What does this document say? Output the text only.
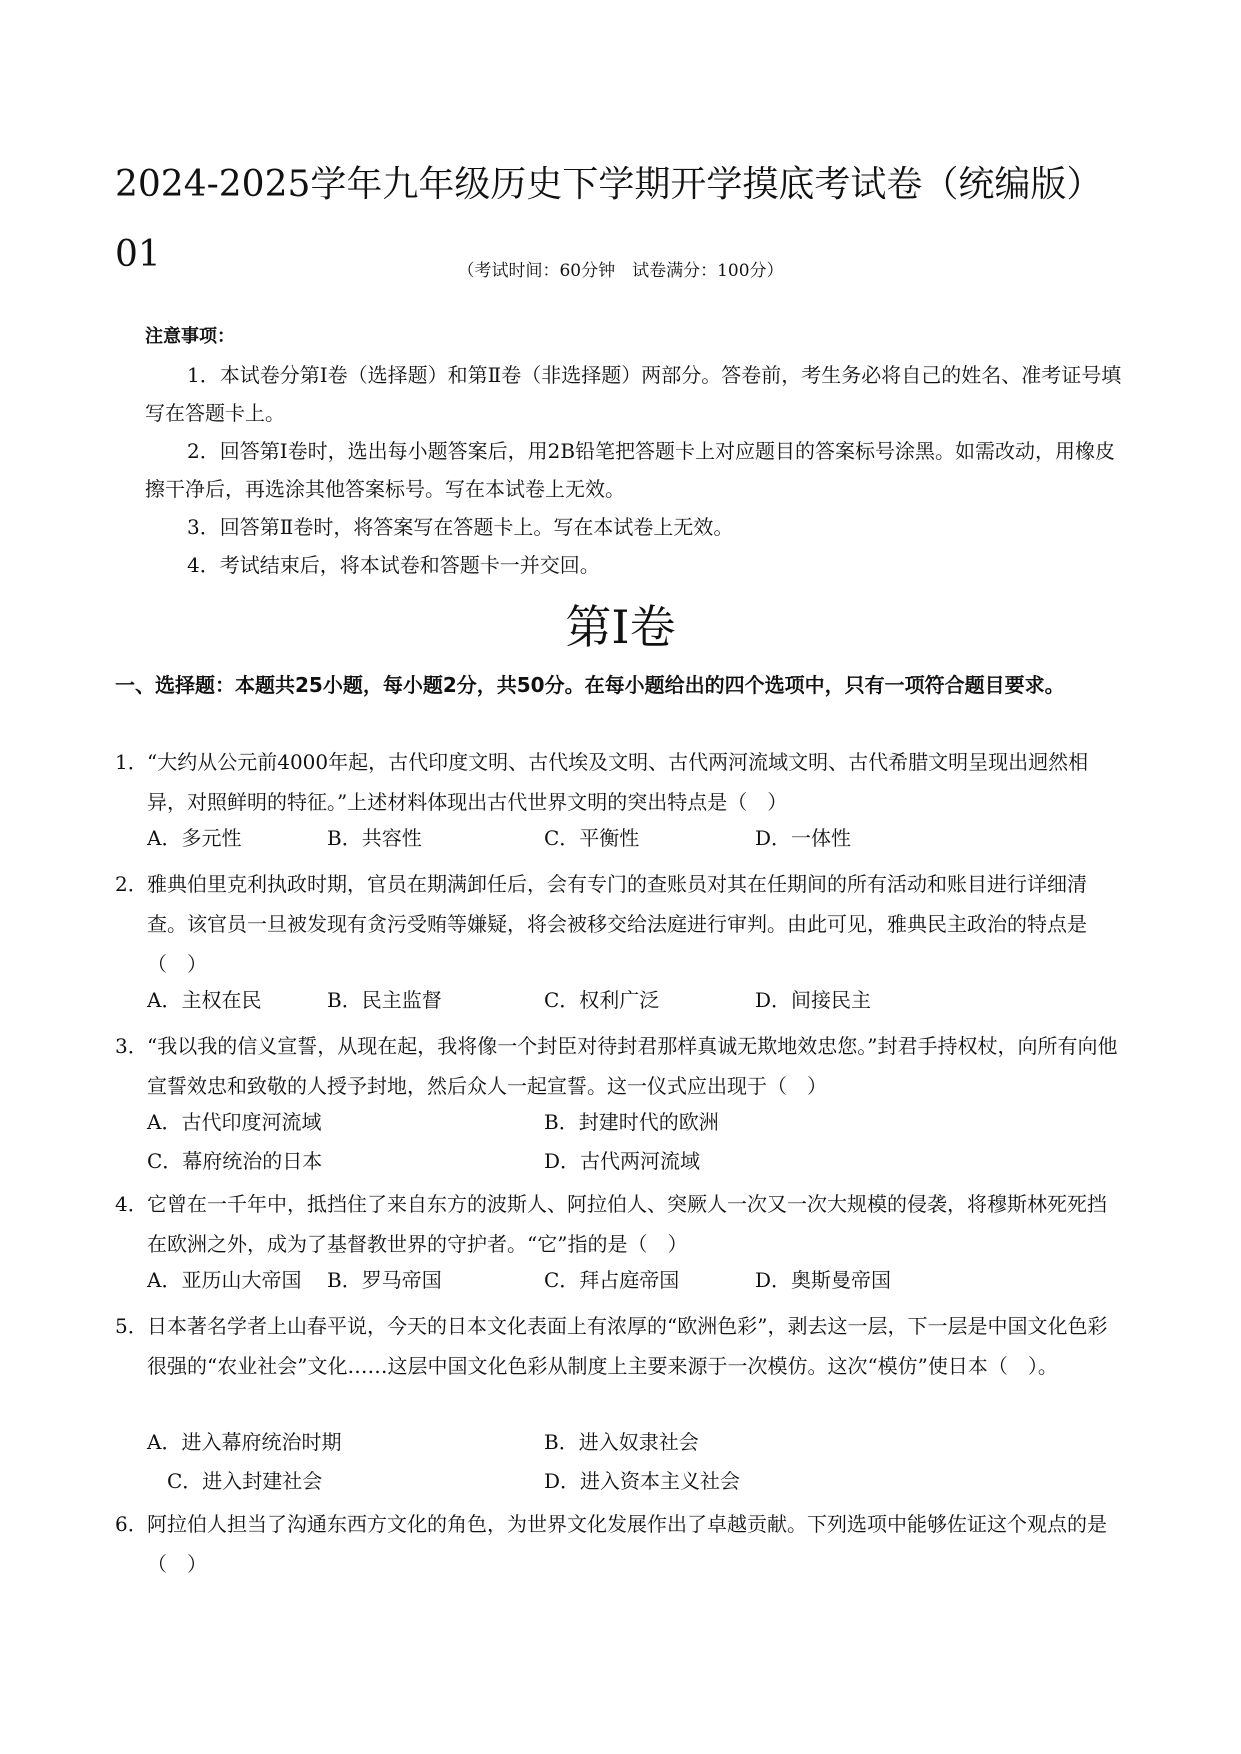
2024-2025学年九年级历史下学期开学摸底考试卷（统编版）01	（考试时间：60分钟　试卷满分：100分）
注意事项：
1．本试卷分第Ⅰ卷（选择题）和第Ⅱ卷（非选择题）两部分。答卷前，考生务必将自己的姓名、准考证号填写在答题卡上。
2．回答第Ⅰ卷时，选出每小题答案后，用2B铅笔把答题卡上对应题目的答案标号涂黑。如需改动，用橡皮擦干净后，再选涂其他答案标号。写在本试卷上无效。
3．回答第Ⅱ卷时，将答案写在答题卡上。写在本试卷上无效。
4．考试结束后，将本试卷和答题卡一并交回。
第Ⅰ卷
一、选择题：本题共25小题，每小题2分，共50分。在每小题给出的四个选项中，只有一项符合题目要求。
1． “大约从公元前4000年起，古代印度文明、古代埃及文明、古代两河流域文明、古代希腊文明呈现出迥然相异，对照鲜明的特征。”上述材料体现出古代世界文明的突出特点是（　）
A．多元性	B．共容性	C．平衡性	D．一体性
2． 雅典伯里克利执政时期，官员在期满卸任后，会有专门的查账员对其在任期间的所有活动和账目进行详细清查。该官员一旦被发现有贪污受贿等嫌疑，将会被移交给法庭进行审判。由此可见，雅典民主政治的特点是（　）
A．主权在民	B．民主监督	C．权利广泛	D．间接民主
3． “我以我的信义宣誓，从现在起，我将像一个封臣对待封君那样真诚无欺地效忠您。”封君手持权杖，向所有向他宣誓效忠和致敬的人授予封地，然后众人一起宣誓。这一仪式应出现于（　）
A．古代印度河流域	B．封建时代的欧洲
C．幕府统治的日本	D．古代两河流域
4． 它曾在一千年中，抵挡住了来自东方的波斯人、阿拉伯人、突厥人一次又一次大规模的侵袭，将穆斯林死死挡在欧洲之外，成为了基督教世界的守护者。“它”指的是（　）
A．亚历山大帝国 B．罗马帝国	C．拜占庭帝国	D．奥斯曼帝国
5． 日本著名学者上山春平说，今天的日本文化表面上有浓厚的“欧洲色彩”，剥去这一层，下一层是中国文化色彩很强的“农业社会”文化……这层中国文化色彩从制度上主要来源于一次模仿。这次“模仿”使日本（　）。
A．进入幕府统治时期	B．进入奴隶社会
C．进入封建社会	D．进入资本主义社会
6． 阿拉伯人担当了沟通东西方文化的角色，为世界文化发展作出了卓越贡献。下列选项中能够佐证这个观点的是（　）
